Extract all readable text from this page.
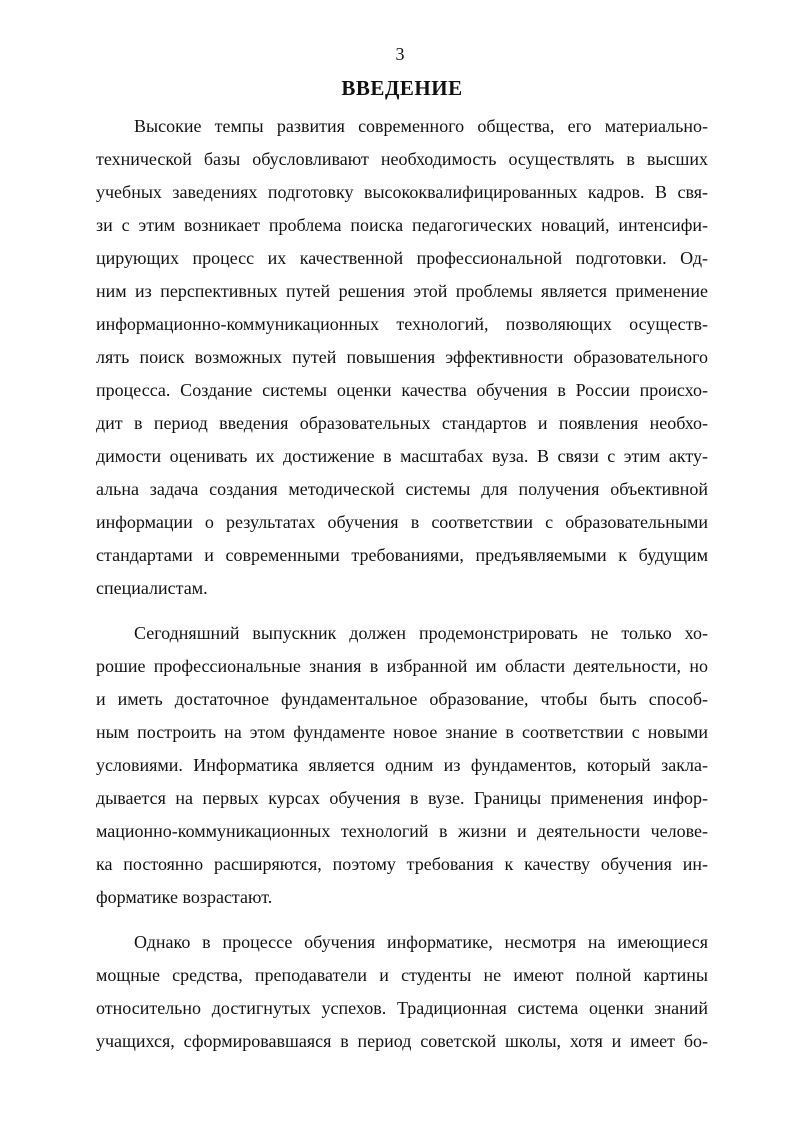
3
ВВЕДЕНИЕ
Высокие темпы развития современного общества, его материально-
технической базы обусловливают необходимость осуществлять в высших
учебных заведениях подготовку высококвалифицированных кадров. В свя-
зи с этим возникает проблема поиска педагогических новаций, интенсифи-
цирующих процесс их качественной профессиональной подготовки. Од-
ним из перспективных путей решения этой проблемы является применение
информационно-коммуникационных технологий, позволяющих осуществ-
лять поиск возможных путей повышения эффективности образовательного
процесса. Создание системы оценки качества обучения в России происхо-
дит в период введения образовательных стандартов и появления необхо-
димости оценивать их достижение в масштабах вуза. В связи с этим акту-
альна задача создания методической системы для получения объективной
информации о результатах обучения в соответствии с образовательными
стандартами и современными требованиями, предъявляемыми к будущим
специалистам.
Сегодняшний выпускник должен продемонстрировать не только хо-
рошие профессиональные знания в избранной им области деятельности, но
и иметь достаточное фундаментальное образование, чтобы быть способ-
ным построить на этом фундаменте новое знание в соответствии с новыми
условиями. Информатика является одним из фундаментов, который закла-
дывается на первых курсах обучения в вузе. Границы применения инфор-
мационно-коммуникационных технологий в жизни и деятельности челове-
ка постоянно расширяются, поэтому требования к качеству обучения ин-
форматике возрастают.
Однако в процессе обучения информатике, несмотря на имеющиеся
мощные средства, преподаватели и студенты не имеют полной картины
относительно достигнутых успехов. Традиционная система оценки знаний
учащихся, сформировавшаяся в период советской школы, хотя и имеет бо-
